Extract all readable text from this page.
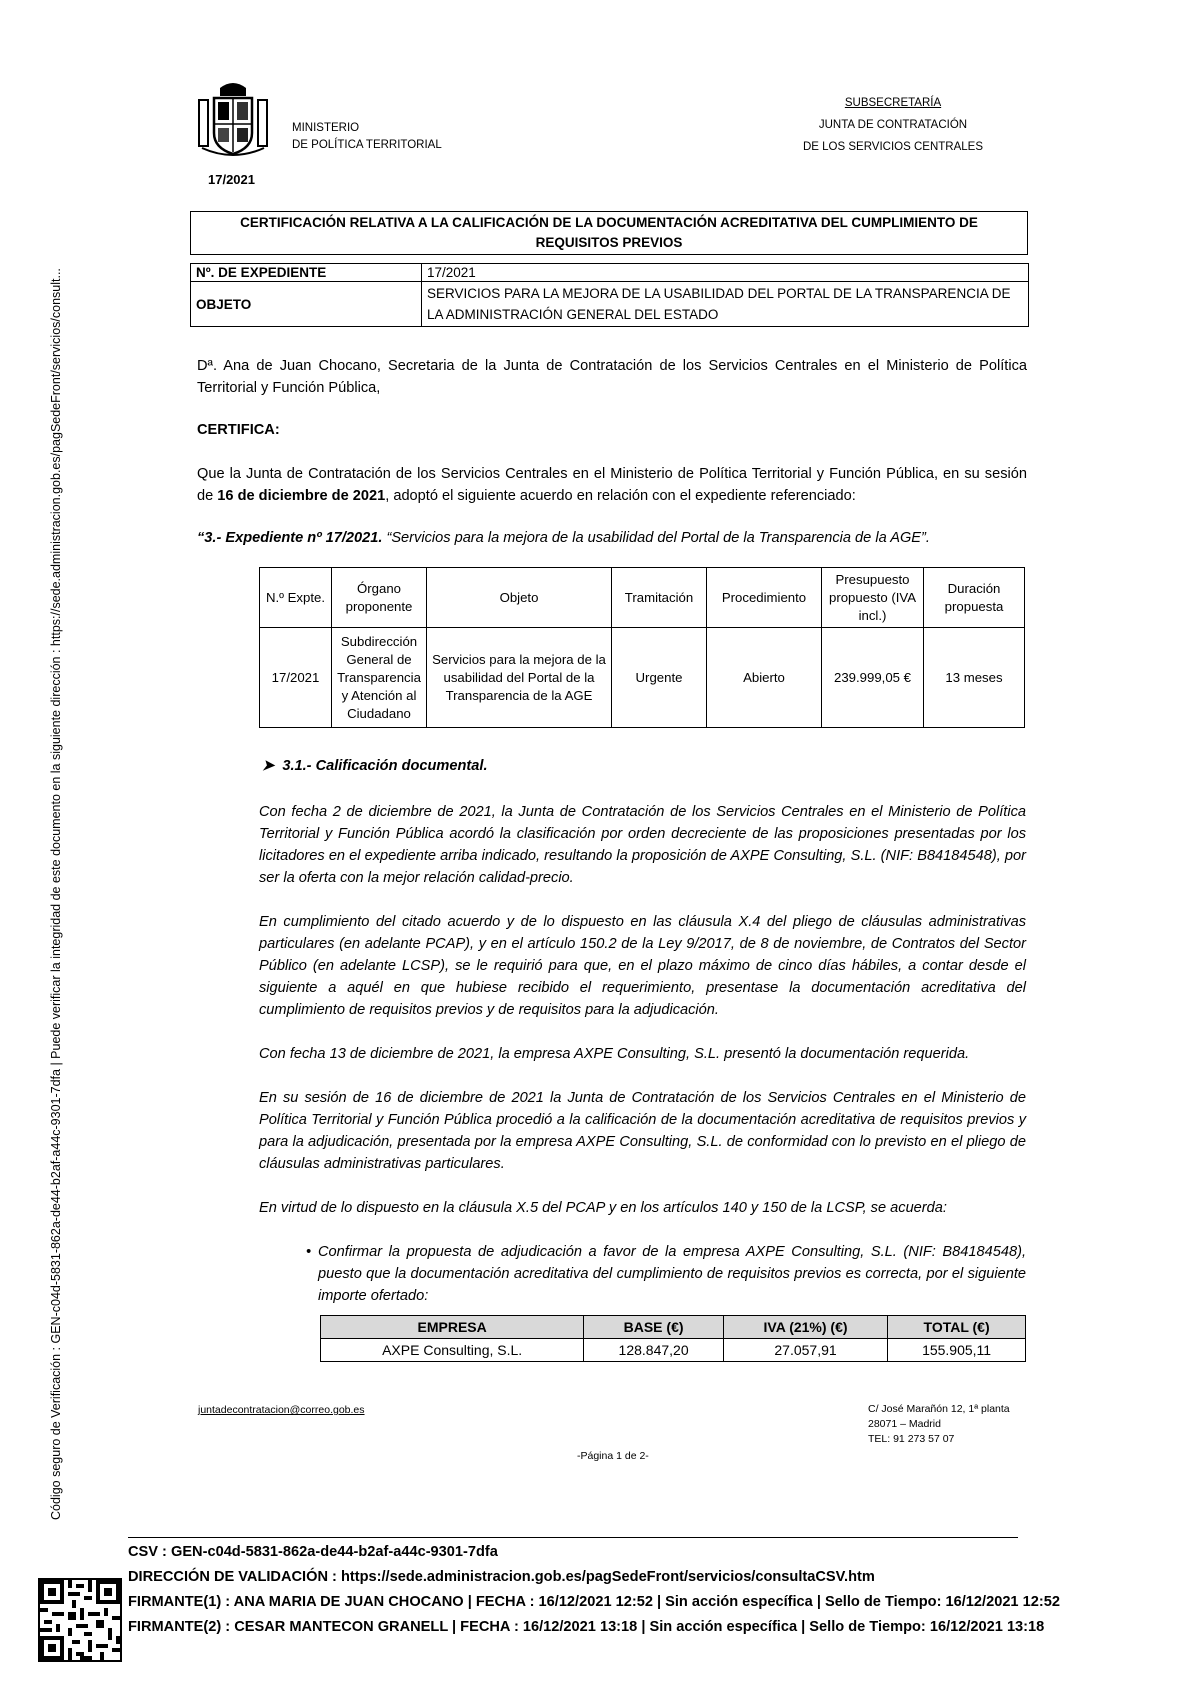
Código seguro de Verificación : GEN-c04d-5831-862a-de44-b2af-a44c-9301-7dfa | Puede verificar la integridad de este documento en la siguiente dirección : https://sede.administracion.gob.es/pagSedeFront/servicios/consult...
17/2021
MINISTERIO
DE POLÍTICA TERRITORIAL
SUBSECRETARÍA
JUNTA DE CONTRATACIÓN
DE LOS SERVICIOS CENTRALES
CERTIFICACIÓN RELATIVA A LA CALIFICACIÓN DE LA DOCUMENTACIÓN ACREDITATIVA DEL CUMPLIMIENTO DE REQUISITOS PREVIOS
Nº. DE EXPEDIENTE	17/2021
OBJETO	SERVICIOS PARA LA MEJORA DE LA USABILIDAD DEL PORTAL DE LA TRANSPARENCIA DE LA ADMINISTRACIÓN GENERAL DEL ESTADO

Dª. Ana de Juan Chocano, Secretaria de la Junta de Contratación de los Servicios Centrales en el Ministerio de Política Territorial y Función Pública,

CERTIFICA:

Que la Junta de Contratación de los Servicios Centrales en el Ministerio de Política Territorial y Función Pública, en su sesión de 16 de diciembre de 2021, adoptó el siguiente acuerdo en relación con el expediente referenciado:

“3.- Expediente nº 17/2021. “Servicios para la mejora de la usabilidad del Portal de la Transparencia de la AGE”.

N.º Expte.	Órgano proponente	Objeto	Tramitación	Procedimiento	Presupuesto propuesto (IVA incl.)	Duración propuesta
17/2021	Subdirección General de Transparencia y Atención al Ciudadano	Servicios para la mejora de la usabilidad del Portal de la Transparencia de la AGE	Urgente	Abierto	239.999,05 €	13 meses
➤ 3.1.- Calificación documental.

Con fecha 2 de diciembre de 2021, la Junta de Contratación de los Servicios Centrales en el Ministerio de Política Territorial y Función Pública acordó la clasificación por orden decreciente de las proposiciones presentadas por los licitadores en el expediente arriba indicado, resultando la proposición de AXPE Consulting, S.L. (NIF: B84184548), por ser la oferta con la mejor relación calidad-precio.

En cumplimiento del citado acuerdo y de lo dispuesto en las cláusula X.4 del pliego de cláusulas administrativas particulares (en adelante PCAP), y en el artículo 150.2 de la Ley 9/2017, de 8 de noviembre, de Contratos del Sector Público (en adelante LCSP), se le requirió para que, en el plazo máximo de cinco días hábiles, a contar desde el siguiente a aquél en que hubiese recibido el requerimiento, presentase la documentación acreditativa del cumplimiento de requisitos previos y de requisitos para la adjudicación.

Con fecha 13 de diciembre de 2021, la empresa AXPE Consulting, S.L. presentó la documentación requerida.

En su sesión de 16 de diciembre de 2021 la Junta de Contratación de los Servicios Centrales en el Ministerio de Política Territorial y Función Pública procedió a la calificación de la documentación acreditativa de requisitos previos y para la adjudicación, presentada por la empresa AXPE Consulting, S.L. de conformidad con lo previsto en el pliego de cláusulas administrativas particulares.

En virtud de lo dispuesto en la cláusula X.5 del PCAP y en los artículos 140 y 150 de la LCSP, se acuerda:

• Confirmar la propuesta de adjudicación a favor de la empresa AXPE Consulting, S.L. (NIF: B84184548), puesto que la documentación acreditativa del cumplimiento de requisitos previos es correcta, por el siguiente importe ofertado:
EMPRESA	BASE (€)	IVA (21%) (€)	TOTAL (€)
AXPE Consulting, S.L.	128.847,20	27.057,91	155.905,11
juntadecontratacion@correo.gob.es	C/ José Marañón 12, 1ª planta
28071 – Madrid
TEL: 91 273 57 07
-Página 1 de 2-
CSV : GEN-c04d-5831-862a-de44-b2af-a44c-9301-7dfa
DIRECCIÓN DE VALIDACIÓN : https://sede.administracion.gob.es/pagSedeFront/servicios/consultaCSV.htm
FIRMANTE(1) : ANA MARIA DE JUAN CHOCANO | FECHA : 16/12/2021 12:52 | Sin acción específica | Sello de Tiempo: 16/12/2021 12:52
FIRMANTE(2) : CESAR MANTECON GRANELL | FECHA : 16/12/2021 13:18 | Sin acción específica | Sello de Tiempo: 16/12/2021 13:18
